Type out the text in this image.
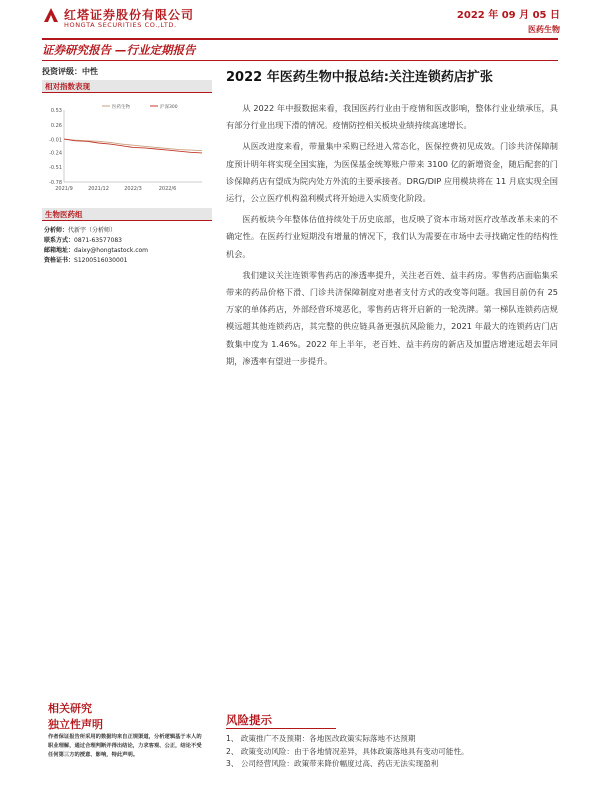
红塔证券股份有限公司
HONGTA SECURITIES CO.,LTD.
2022 年 09 月 05 日
医药生物
证券研究报告 —行业定期报告
投资评级：中性
相对指数表现
0.53
0.26
-0.01
-0.24
-0.51
-0.78
2021/9	2021/12	2022/3	2022/6
医药生物	沪深300
生物医药组
分析师：代新宇（分析师）
联系方式：0871-63577083
邮箱地址：daixy@hongtastock.com
资格证书：S1200516030001
2022 年医药生物中报总结:关注连锁药店扩张

从 2022 年中报数据来看，我国医药行业由于疫情和医改影响，整体行业业绩承压，具有部分行业出现下滑的情况。疫情防控相关板块业绩持续高速增长。

从医改进度来看，带量集中采购已经进入常态化，医保控费初见成效。门诊共济保障制度预计明年将实现全国实施，为医保基金统筹账户带来 3100 亿的新增资金，随后配套的门诊保障药店有望成为院内处方外流的主要承接者。DRG/DIP 应用模块将在 11 月底实现全国运行，公立医疗机构盈利模式将开始进入实质变化阶段。

医药板块今年整体估值持续处于历史底部，也反映了资本市场对医疗改革改革未来的不确定性。在医药行业短期没有增量的情况下，我们认为需要在市场中去寻找确定性的结构性机会。

我们建议关注连锁零售药店的渗透率提升，关注老百姓、益丰药房。零售药店面临集采带来的药品价格下滑、门诊共济保障制度对患者支付方式的改变等问题。我国目前仍有 25 万家的单体药店，外部经营环境恶化，零售药店将开启新的一轮洗牌。第一梯队连锁药店规模远超其他连锁药店，其完整的供应链具备更强抗风险能力，2021 年最大的连锁药店门店数集中度为 1.46%。2022 年上半年，老百姓、益丰药房的新店及加盟店增速远超去年同期，渗透率有望进一步提升。

相关研究
独立性声明
作者保证报告所采用的数据均来自正规渠道，分析逻辑基于本人的职业理解，通过合理判断并得出结论，力求客观、公正，结论不受任何第三方的授意、影响，特此声明。
风险提示
1、 政策推广不及预期：各地医改政策实际落地不达预期
2、 政策变动风险：由于各地情况差异，具体政策落地具有变动可能性。
3、 公司经营风险：政策带来降价幅度过高、药店无法实现盈利
